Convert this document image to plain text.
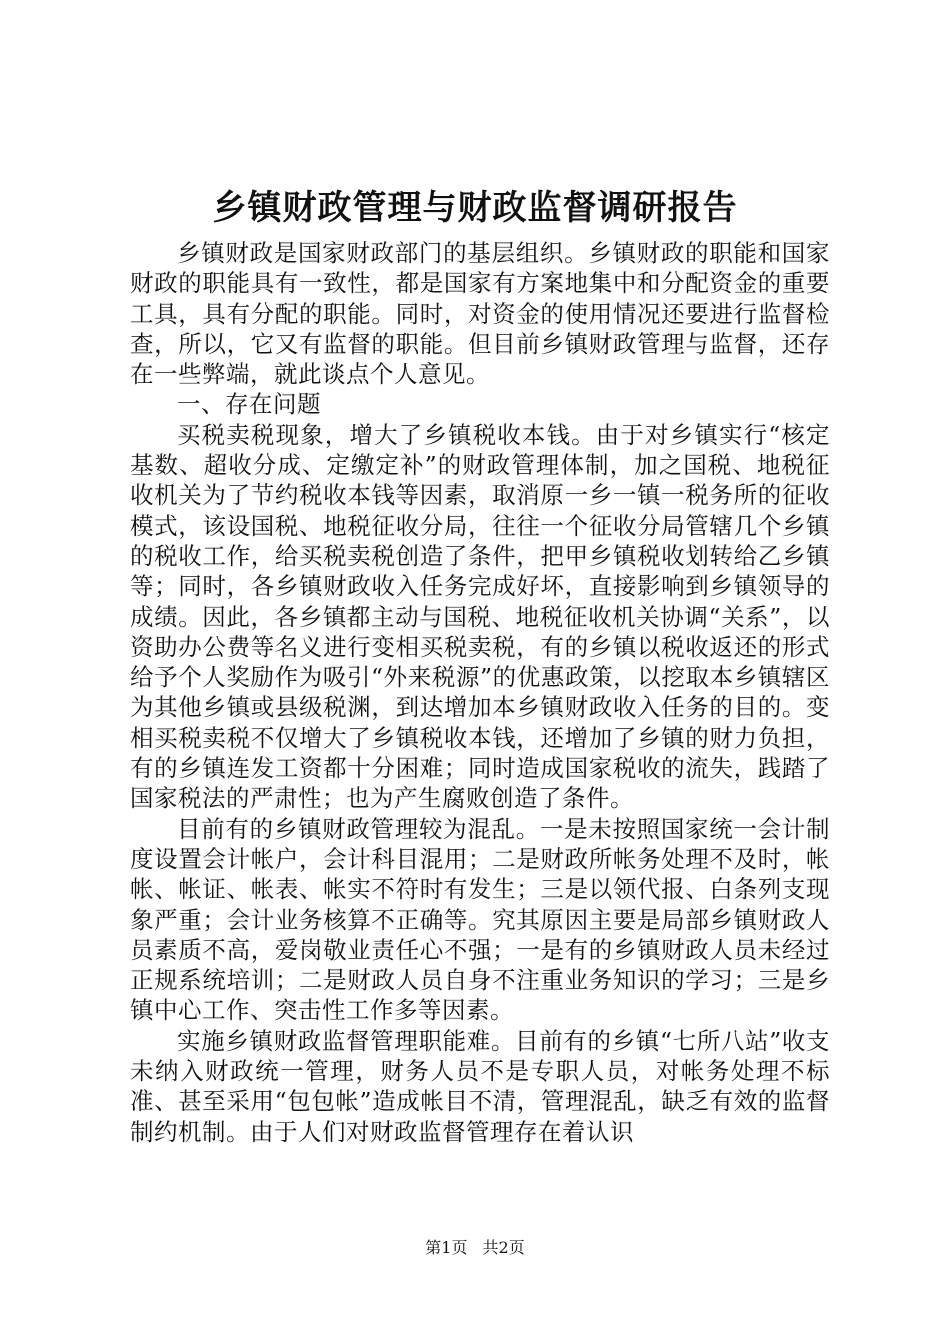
乡镇财政管理与财政监督调研报告

乡镇财政是国家财政部门的基层组织。乡镇财政的职能和国家财政的职能具有一致性，都是国家有方案地集中和分配资金的重要工具，具有分配的职能。同时，对资金的使用情况还要进行监督检查，所以，它又有监督的职能。但目前乡镇财政管理与监督，还存在一些弊端，就此谈点个人意见。

一、存在问题

买税卖税现象，增大了乡镇税收本钱。由于对乡镇实行“核定基数、超收分成、定缴定补”的财政管理体制，加之国税、地税征收机关为了节约税收本钱等因素，取消原一乡一镇一税务所的征收模式，该设国税、地税征收分局，往往一个征收分局管辖几个乡镇的税收工作，给买税卖税创造了条件，把甲乡镇税收划转给乙乡镇等；同时，各乡镇财政收入任务完成好坏，直接影响到乡镇领导的成绩。因此，各乡镇都主动与国税、地税征收机关协调“关系”，以资助办公费等名义进行变相买税卖税，有的乡镇以税收返还的形式给予个人奖励作为吸引“外来税源”的优惠政策，以挖取本乡镇辖区为其他乡镇或县级税渊，到达增加本乡镇财政收入任务的目的。变相买税卖税不仅增大了乡镇税收本钱，还增加了乡镇的财力负担，有的乡镇连发工资都十分困难；同时造成国家税收的流失，践踏了国家税法的严肃性；也为产生腐败创造了条件。

目前有的乡镇财政管理较为混乱。一是未按照国家统一会计制度设置会计帐户，会计科目混用；二是财政所帐务处理不及时，帐帐、帐证、帐表、帐实不符时有发生；三是以领代报、白条列支现象严重；会计业务核算不正确等。究其原因主要是局部乡镇财政人员素质不高，爱岗敬业责任心不强；一是有的乡镇财政人员未经过正规系统培训；二是财政人员自身不注重业务知识的学习；三是乡镇中心工作、突击性工作多等因素。

实施乡镇财政监督管理职能难。目前有的乡镇“七所八站”收支未纳入财政统一管理，财务人员不是专职人员，对帐务处理不标准、甚至采用“包包帐”造成帐目不清，管理混乱，缺乏有效的监督制约机制。由于人们对财政监督管理存在着认识

第1页 共2页
